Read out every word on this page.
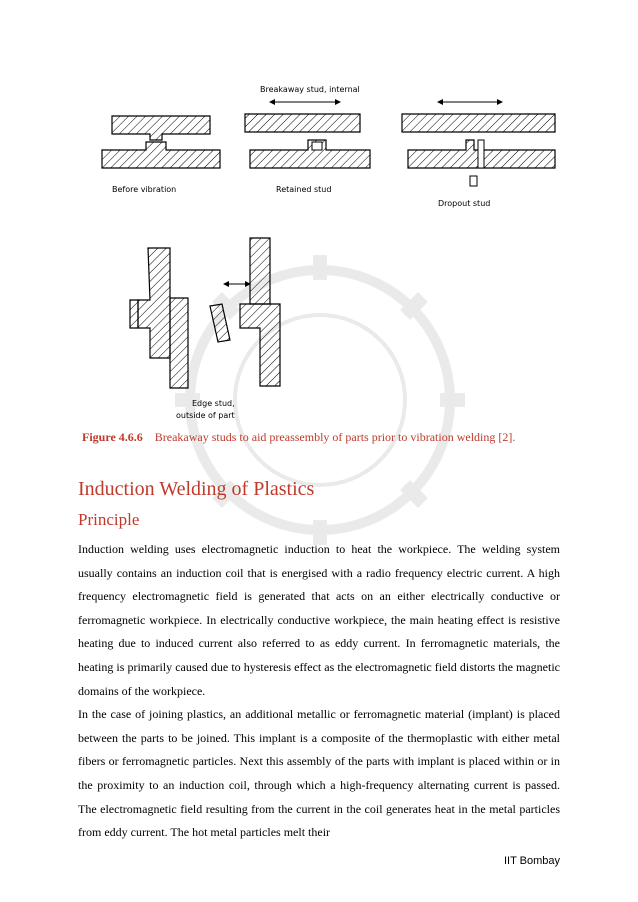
Breakaway stud, internal
Before vibration	Retained stud
Dropout stud
Edge stud,
outside of part
Figure 4.6.6 Breakaway studs to aid preassembly of parts prior to vibration welding [2].
Induction Welding of Plastics
Principle

Induction welding uses electromagnetic induction to heat the workpiece. The welding system usually contains an induction coil that is energised with a radio frequency electric current. A high frequency electromagnetic field is generated that acts on an either electrically conductive or ferromagnetic workpiece. In electrically conductive workpiece, the main heating effect is resistive heating due to induced current also referred to as eddy current. In ferromagnetic materials, the heating is primarily caused due to hysteresis effect as the electromagnetic field distorts the magnetic domains of the workpiece.

In the case of joining plastics, an additional metallic or ferromagnetic material (implant) is placed between the parts to be joined. This implant is a composite of the thermoplastic with either metal fibers or ferromagnetic particles. Next this assembly of the parts with implant is placed within or in the proximity to an induction coil, through which a high-frequency alternating current is passed. The electromagnetic field resulting from the current in the coil generates heat in the metal particles from eddy current. The hot metal particles melt their

IIT Bombay
